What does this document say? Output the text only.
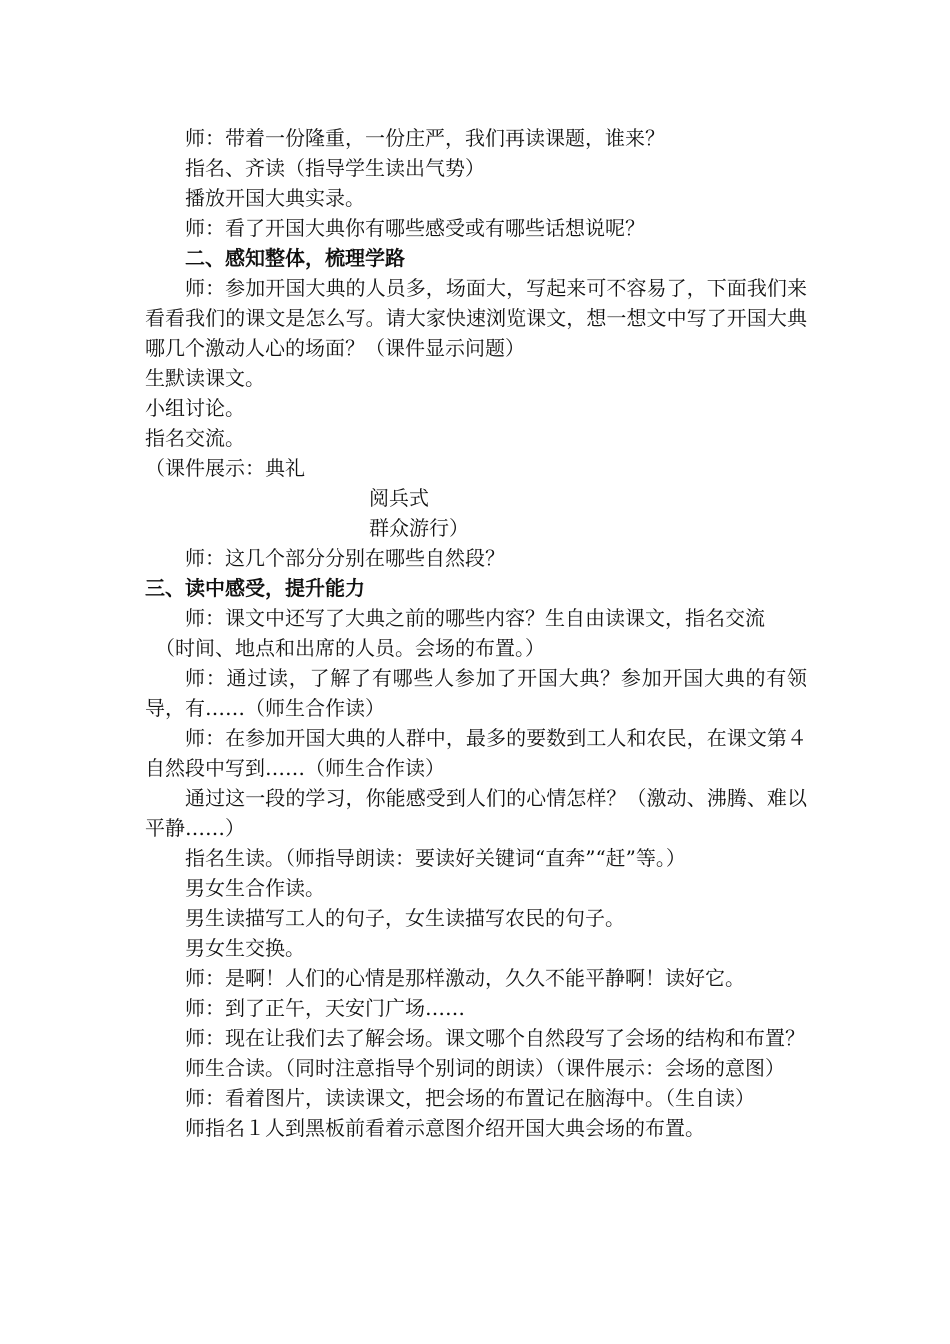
师：带着一份隆重，一份庄严，我们再读课题，谁来？

指名、齐读（指导学生读出气势）

播放开国大典实录。

师：看了开国大典你有哪些感受或有哪些话想说呢？

二、感知整体，梳理学路

师：参加开国大典的人员多，场面大，写起来可不容易了，下面我们来看看我们的课文是怎么写。请大家快速浏览课文，想一想文中写了开国大典哪几个激动人心的场面？（课件显示问题）

生默读课文。

小组讨论。

指名交流。

（课件展示：典礼

阅兵式

群众游行）

师：这几个部分分别在哪些自然段？

三、读中感受，提升能力

师：课文中还写了大典之前的哪些内容？生自由读课文，指名交流

（时间、地点和出席的人员。会场的布置。）

师：通过读，了解了有哪些人参加了开国大典？参加开国大典的有领导，有……（师生合作读）

师：在参加开国大典的人群中，最多的要数到工人和农民，在课文第４自然段中写到……（师生合作读）

通过这一段的学习，你能感受到人们的心情怎样？（激动、沸腾、难以平静……）

指名生读。（师指导朗读：要读好关键词“直奔”“赶”等。）

男女生合作读。

男生读描写工人的句子，女生读描写农民的句子。

男女生交换。

师：是啊！人们的心情是那样激动，久久不能平静啊！读好它。

师：到了正午，天安门广场……

师：现在让我们去了解会场。课文哪个自然段写了会场的结构和布置？

师生合读。（同时注意指导个别词的朗读）（课件展示：会场的意图）

师：看着图片，读读课文，把会场的布置记在脑海中。（生自读）

师指名１人到黑板前看着示意图介绍开国大典会场的布置。
